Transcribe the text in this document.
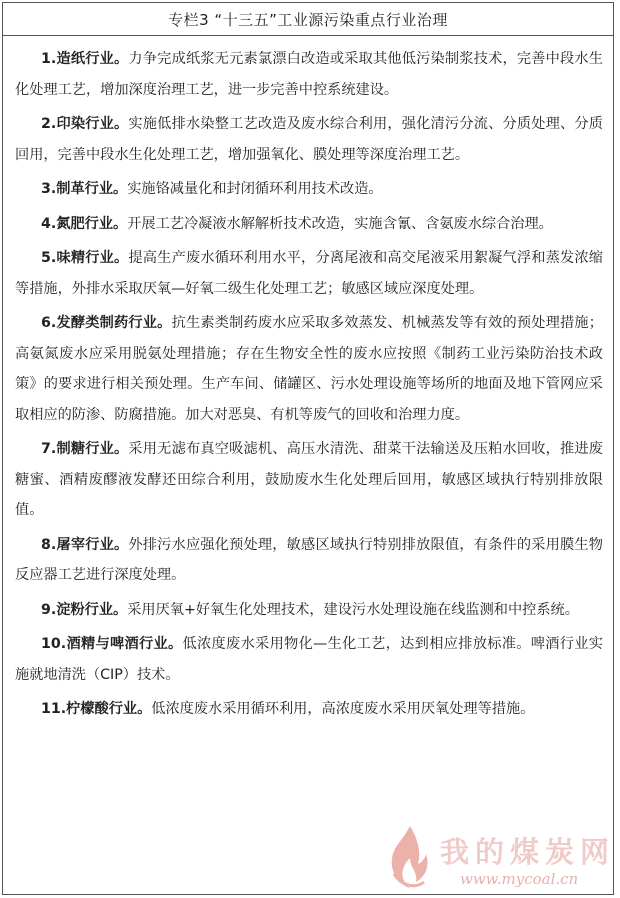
专栏3 “十三五”工业源污染重点行业治理

1.造纸行业。力争完成纸浆无元素氯漂白改造或采取其他低污染制浆技术，完善中段水生化处理工艺，增加深度治理工艺，进一步完善中控系统建设。

2.印染行业。实施低排水染整工艺改造及废水综合利用，强化清污分流、分质处理、分质回用，完善中段水生化处理工艺，增加强氧化、膜处理等深度治理工艺。

3.制革行业。实施铬减量化和封闭循环利用技术改造。

4.氮肥行业。开展工艺冷凝液水解解析技术改造，实施含氰、含氨废水综合治理。

5.味精行业。提高生产废水循环利用水平，分离尾液和高交尾液采用絮凝气浮和蒸发浓缩等措施，外排水采取厌氧—好氧二级生化处理工艺；敏感区域应深度处理。

6.发酵类制药行业。抗生素类制药废水应采取多效蒸发、机械蒸发等有效的预处理措施；高氨氮废水应采用脱氨处理措施；存在生物安全性的废水应按照《制药工业污染防治技术政策》的要求进行相关预处理。生产车间、储罐区、污水处理设施等场所的地面及地下管网应采取相应的防渗、防腐措施。加大对恶臭、有机等废气的回收和治理力度。

7.制糖行业。采用无滤布真空吸滤机、高压水清洗、甜菜干法输送及压粕水回收，推进废糖蜜、酒精废醪液发酵还田综合利用，鼓励废水生化处理后回用，敏感区域执行特别排放限值。

8.屠宰行业。外排污水应强化预处理，敏感区域执行特别排放限值，有条件的采用膜生物反应器工艺进行深度处理。

9.淀粉行业。采用厌氧+好氧生化处理技术，建设污水处理设施在线监测和中控系统。

10.酒精与啤酒行业。低浓度废水采用物化—生化工艺，达到相应排放标准。啤酒行业实施就地清洗（CIP）技术。

11.柠檬酸行业。低浓度废水采用循环利用，高浓度废水采用厌氧处理等措施。

我的煤炭网
www.mycoal.cn
